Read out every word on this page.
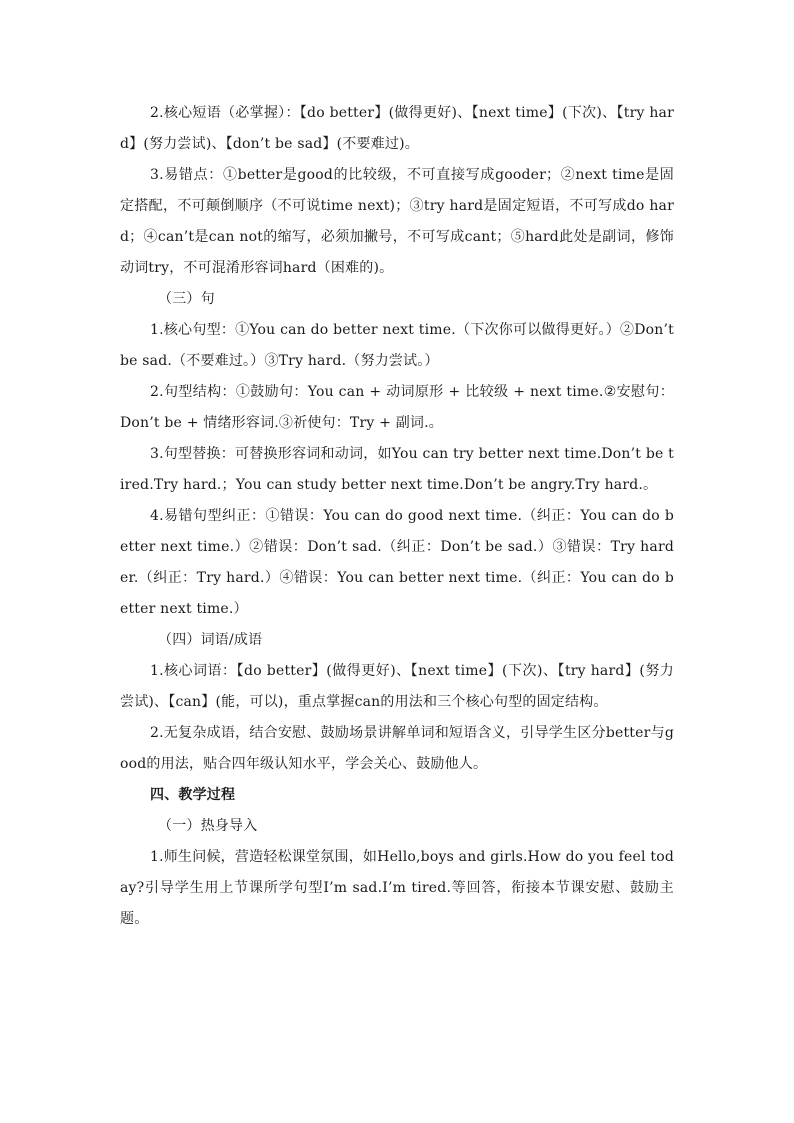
2.核心短语（必掌握）：【do better】(做得更好)、【next time】(下次)、【try hard】(努力尝试)、【don’t be sad】(不要难过)。

3.易错点：①better是good的比较级，不可直接写成gooder；②next time是固定搭配，不可颠倒顺序（不可说time next)；③try hard是固定短语，不可写成do hard；④can’t是can not的缩写，必须加撇号，不可写成cant；⑤hard此处是副词，修饰动词try，不可混淆形容词hard（困难的)。

（三）句

1.核心句型：①You can do better next time.（下次你可以做得更好。）②Don’t be sad.（不要难过。）③Try hard.（努力尝试。）

2.句型结构：①鼓励句：You can + 动词原形 + 比较级 + next time.②安慰句：Don’t be + 情绪形容词.③祈使句：Try + 副词.。

3.句型替换：可替换形容词和动词，如You can try better next time.Don’t be tired.Try hard.；You can study better next time.Don’t be angry.Try hard.。

4.易错句型纠正：①错误：You can do good next time.（纠正：You can do better next time.）②错误：Don’t sad.（纠正：Don’t be sad.）③错误：Try harder.（纠正：Try hard.）④错误：You can better next time.（纠正：You can do better next time.）

（四）词语/成语

1.核心词语：【do better】(做得更好)、【next time】(下次)、【try hard】(努力尝试)、【can】(能，可以)，重点掌握can的用法和三个核心句型的固定结构。

2.无复杂成语，结合安慰、鼓励场景讲解单词和短语含义，引导学生区分better与good的用法，贴合四年级认知水平，学会关心、鼓励他人。

四、教学过程

（一）热身导入

1.师生问候，营造轻松课堂氛围，如Hello,boys and girls.How do you feel today?引导学生用上节课所学句型I’m sad.I’m tired.等回答，衔接本节课安慰、鼓励主题。
